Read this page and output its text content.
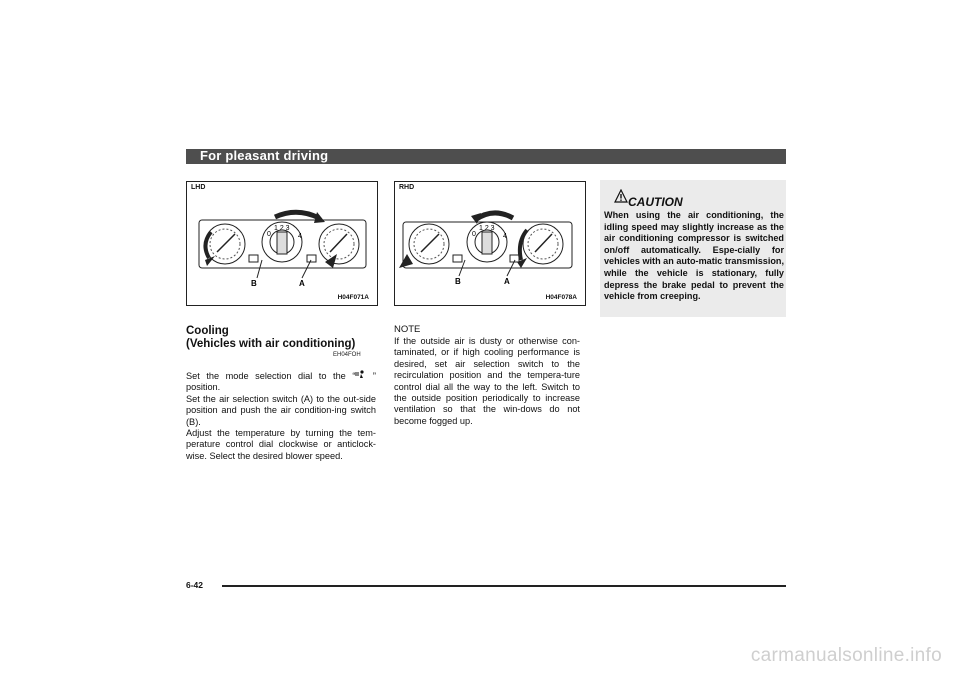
For pleasant driving
1 2 3
0	4
B	A
LHD
H04F071A
1 2 3
0	4
B	A
RHD
H04F078A
Cooling
(Vehicles with air conditioning)
EH04FOH

Set the mode selection dial to the “ ” position.

Set the air selection switch (A) to the out-side position and push the air condition-ing switch (B).

Adjust the temperature by turning the tem-perature control dial clockwise or anticlock-wise. Select the desired blower speed.

NOTE
If the outside air is dusty or otherwise con-taminated, or if high cooling performance is desired, set air selection switch to the recirculation position and the tempera-ture control dial all the way to the left. Switch to the outside position periodically to increase ventilation so that the win-dows do not become fogged up.
CAUTION
When using the air conditioning, the idling speed may slightly increase as the air conditioning compressor is switched on/off automatically. Espe-cially for vehicles with an auto-matic transmission, while the vehicle is stationary, fully depress the brake pedal to prevent the vehicle from creeping.
6-42
carmanualsonline.info
